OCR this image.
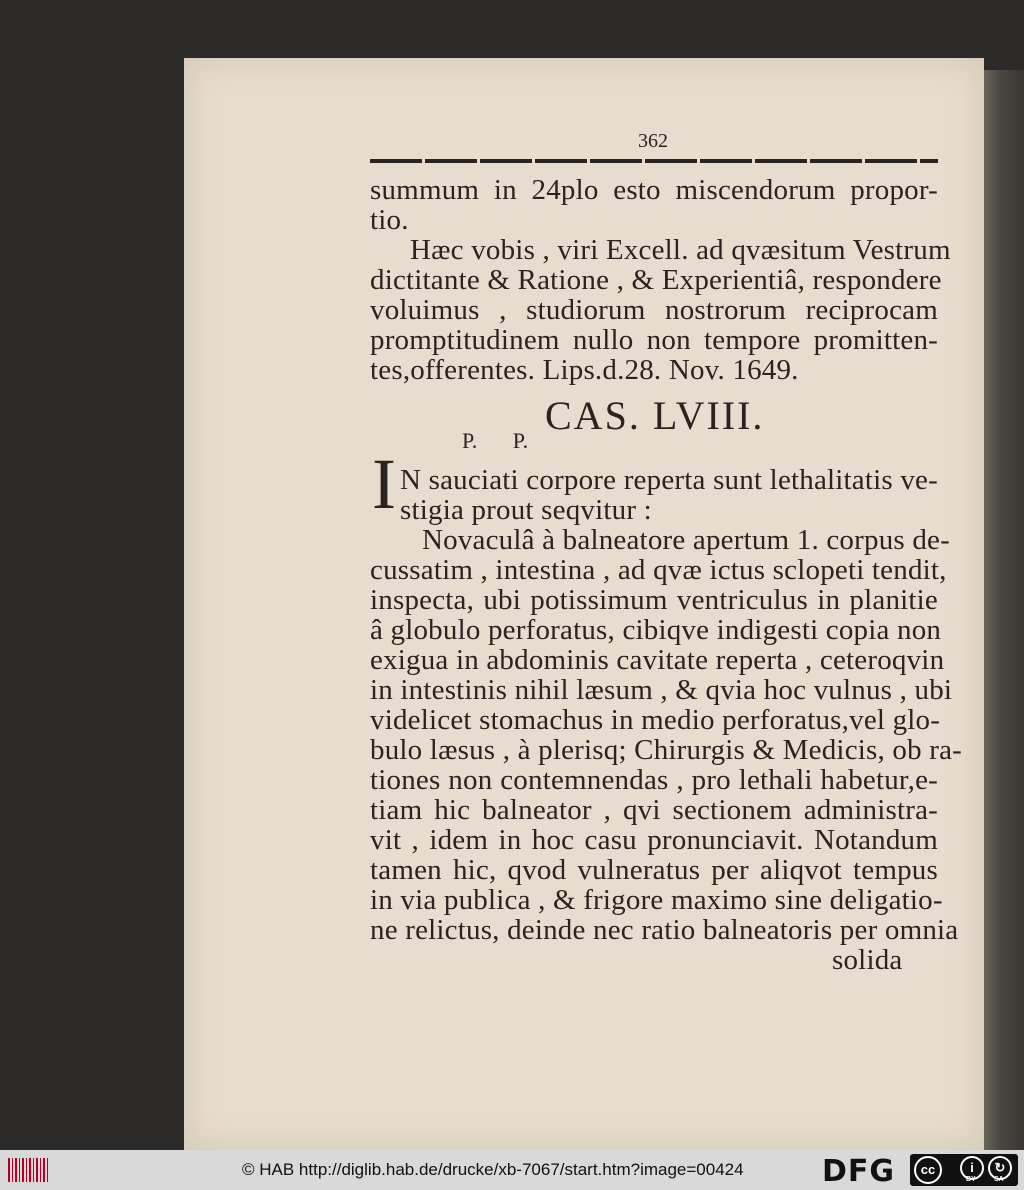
362
summum in 24plo esto miscendorum propor-
tio.
Hæc vobis , viri Excell. ad qvæsitum Vestrum
dictitante & Ratione , & Experientiâ, respondere
voluimus , studiorum nostrorum reciprocam
promptitudinem nullo non tempore promitten-
tes,offerentes. Lips.d.28. Nov. 1649.
CAS. LVIII.
P. P.
I N sauciati corpore reperta sunt lethalitatis ve-
stigia prout seqvitur :
Novaculâ à balneatore apertum 1. corpus de-
cussatim , intestina , ad qvæ ictus sclopeti tendit,
inspecta, ubi potissimum ventriculus in planitie
â globulo perforatus, cibiqve indigesti copia non
exigua in abdominis cavitate reperta , ceteroqvin
in intestinis nihil læsum , & qvia hoc vulnus , ubi
videlicet stomachus in medio perforatus,vel glo-
bulo læsus , à plerisq; Chirurgis & Medicis, ob ra-
tiones non contemnendas , pro lethali habetur,e-
tiam hic balneator , qvi sectionem administra-
vit , idem in hoc casu pronunciavit. Notandum
tamen hic, qvod vulneratus per aliqvot tempus
in via publica , & frigore maximo sine deligatio-
ne relictus, deinde nec ratio balneatoris per omnia
solida
© HAB http://diglib.hab.de/drucke/xb-7067/start.htm?image=00424	DFG	cc	i	↻
BY	SA
